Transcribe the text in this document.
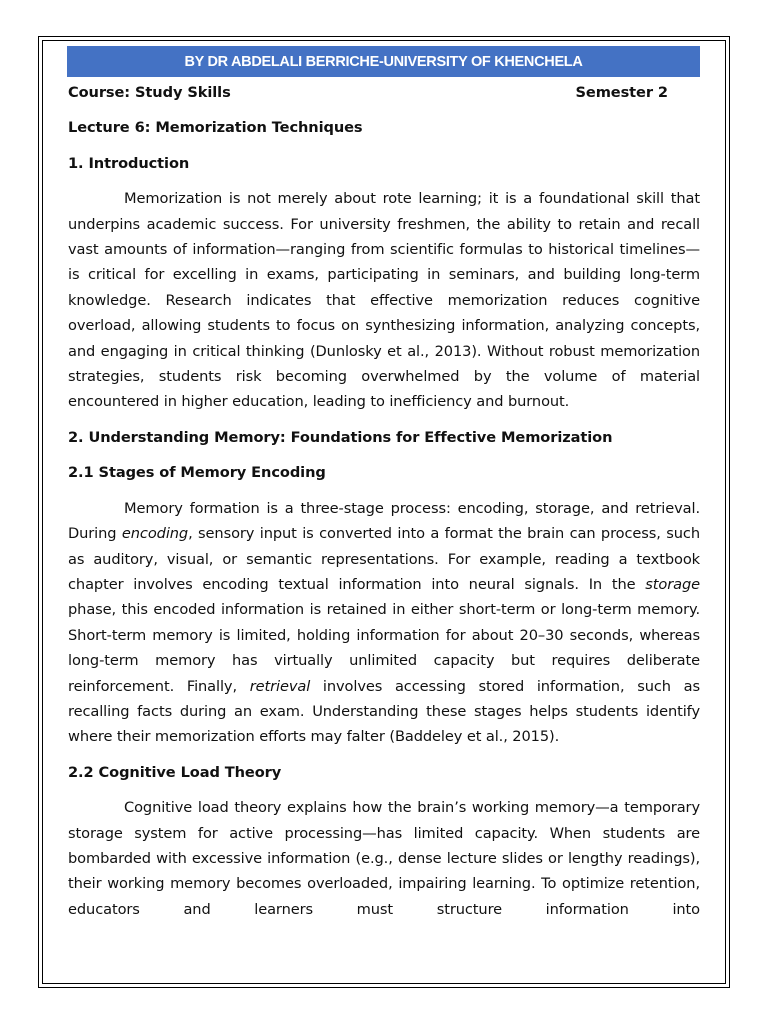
BY DR ABDELALI BERRICHE-UNIVERSITY OF KHENCHELA
Course: Study Skills	Semester 2
Lecture 6: Memorization Techniques
1. Introduction

Memorization is not merely about rote learning; it is a foundational skill that underpins academic success. For university freshmen, the ability to retain and recall vast amounts of information—ranging from scientific formulas to historical timelines—is critical for excelling in exams, participating in seminars, and building long-term knowledge. Research indicates that effective memorization reduces cognitive overload, allowing students to focus on synthesizing information, analyzing concepts, and engaging in critical thinking (Dunlosky et al., 2013). Without robust memorization strategies, students risk becoming overwhelmed by the volume of material encountered in higher education, leading to inefficiency and burnout.

2. Understanding Memory: Foundations for Effective Memorization
2.1 Stages of Memory Encoding

Memory formation is a three-stage process: encoding, storage, and retrieval. During encoding, sensory input is converted into a format the brain can process, such as auditory, visual, or semantic representations. For example, reading a textbook chapter involves encoding textual information into neural signals. In the storage phase, this encoded information is retained in either short-term or long-term memory. Short-term memory is limited, holding information for about 20–30 seconds, whereas long-term memory has virtually unlimited capacity but requires deliberate reinforcement. Finally, retrieval involves accessing stored information, such as recalling facts during an exam. Understanding these stages helps students identify where their memorization efforts may falter (Baddeley et al., 2015).

2.2 Cognitive Load Theory

Cognitive load theory explains how the brain’s working memory—a temporary storage system for active processing—has limited capacity. When students are bombarded with excessive information (e.g., dense lecture slides or lengthy readings), their working memory becomes overloaded, impairing learning. To optimize retention, educators and learners must structure information into
